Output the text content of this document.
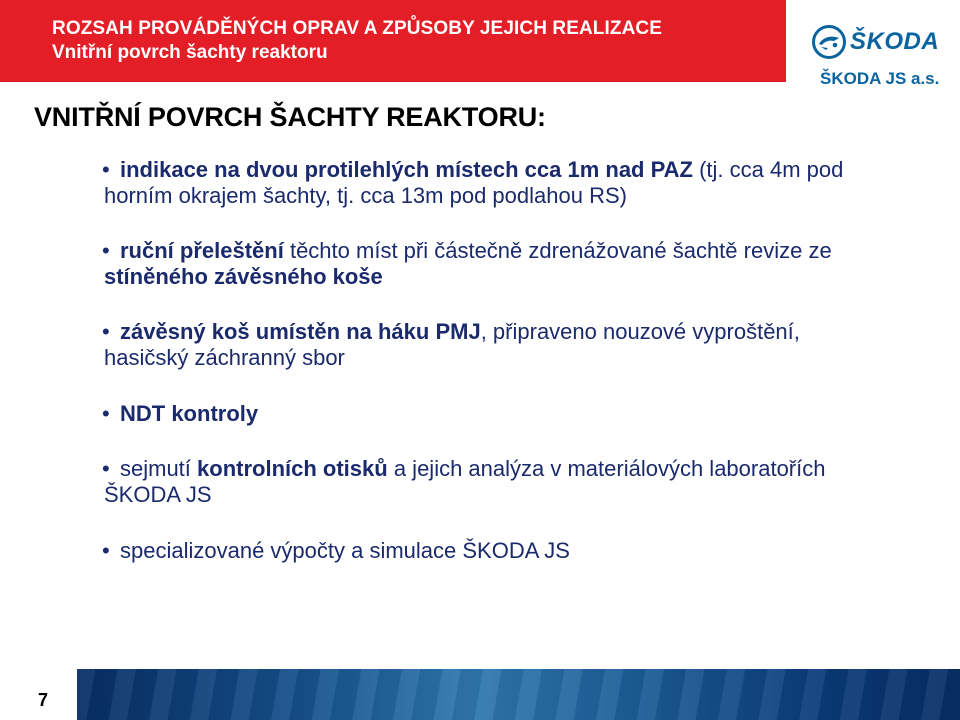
ROZSAH PROVÁDĚNÝCH OPRAV A ZPŮSOBY JEJICH REALIZACE
Vnitřní povrch šachty reaktoru	ŠKODA
ŠKODA JS a.s.
VNITŘNÍ POVRCH ŠACHTY REAKTORU:
• indikace na dvou protilehlých místech cca 1m nad PAZ (tj. cca 4m pod horním okrajem šachty, tj. cca 13m pod podlahou RS)
• ruční přeleštění těchto míst při částečně zdrenážované šachtě revize ze stíněného závěsného koše
• závěsný koš umístěn na háku PMJ, připraveno nouzové vyproštění, hasičský záchranný sbor
• NDT kontroly
• sejmutí kontrolních otisků a jejich analýza v materiálových laboratořích ŠKODA JS
• specializované výpočty a simulace ŠKODA JS
7
